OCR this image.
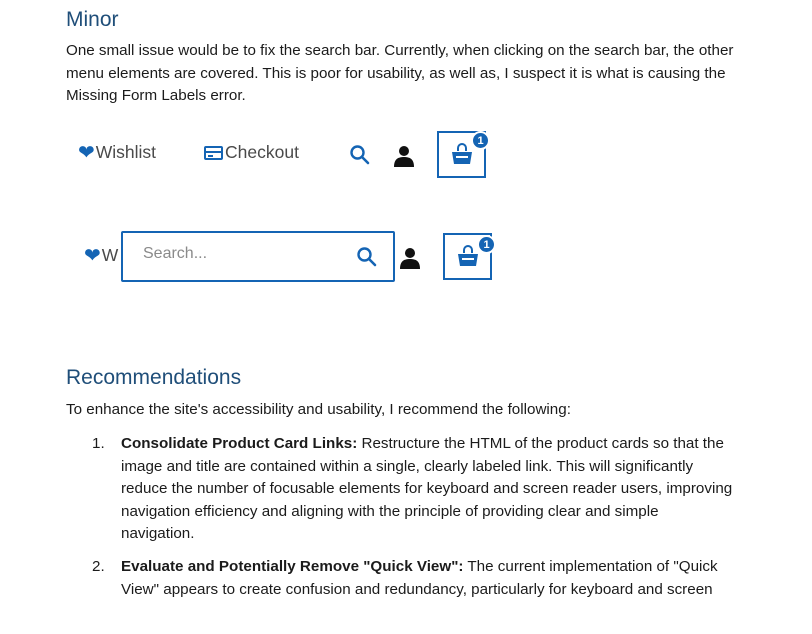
Minor

One small issue would be to fix the search bar. Currently, when clicking on the search bar, the other
menu elements are covered. This is poor for usability, as well as, I suspect it is what is causing the
Missing Form Labels error.

❤ Wishlist	Checkout
1
❤ W
Search...
1
Recommendations

To enhance the site's accessibility and usability, I recommend the following:

1. Consolidate Product Card Links: Restructure the HTML of the product cards so that the
image and title are contained within a single, clearly labeled link. This will significantly
reduce the number of focusable elements for keyboard and screen reader users, improving
navigation efficiency and aligning with the principle of providing clear and simple
navigation.
2. Evaluate and Potentially Remove "Quick View": The current implementation of "Quick
View" appears to create confusion and redundancy, particularly for keyboard and screen
